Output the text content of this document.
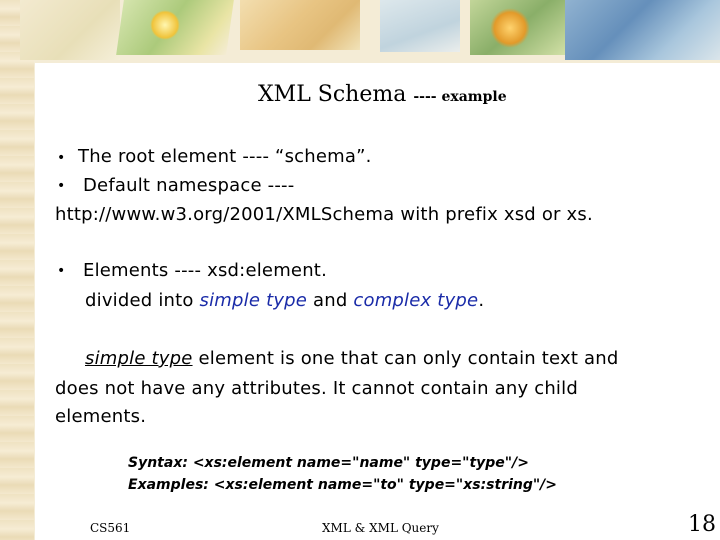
XML Schema ---- example
• The root element ---- “schema”.
• Default namespace ----
http://www.w3.org/2001/XMLSchema with prefix xsd or xs.
• Elements ---- xsd:element.
divided into simple type and complex type.
simple type element is one that can only contain text and
does not have any attributes. It cannot contain any child
elements.
Syntax: <xs:element name="name" type="type"/>
Examples: <xs:element name="to" type="xs:string"/>
CS561	XML & XML Query	18
